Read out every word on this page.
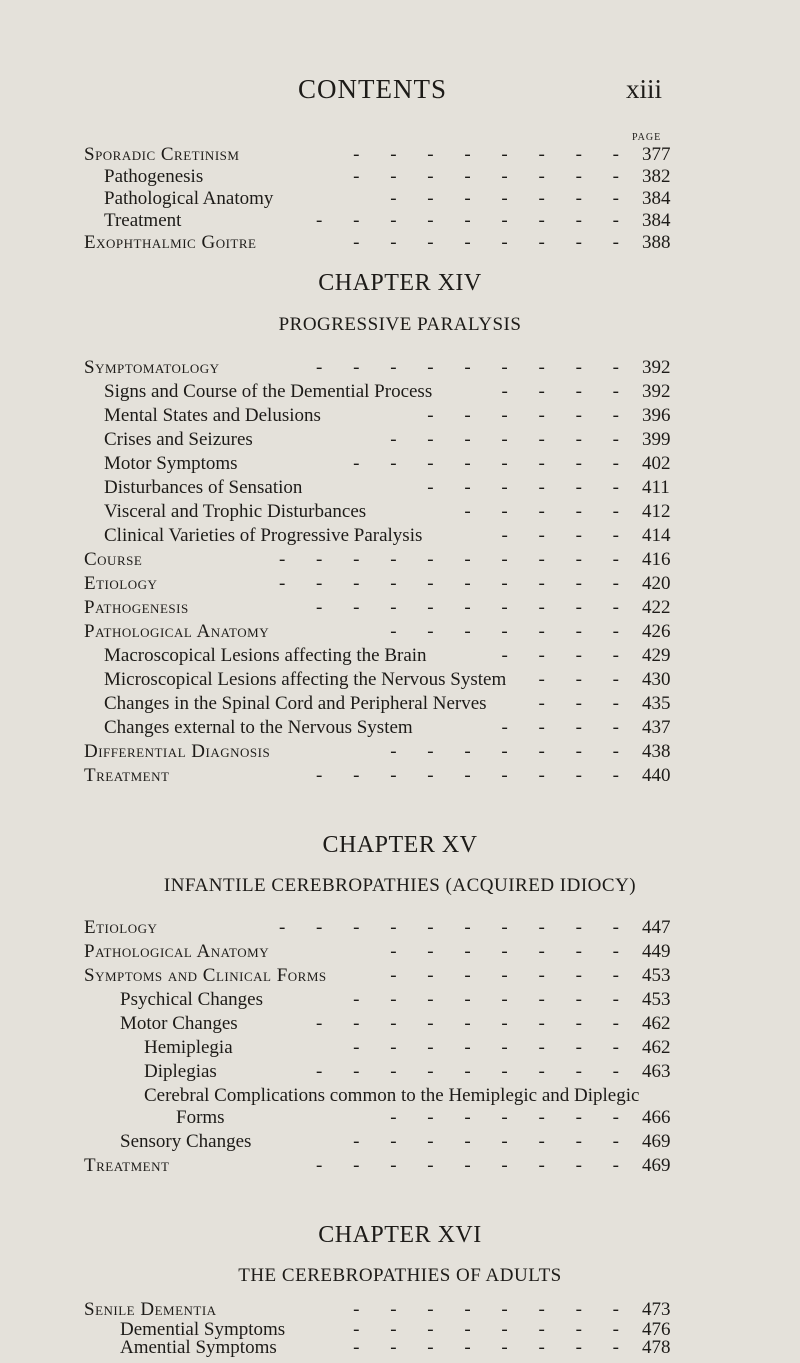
CONTENTS	xiii
PAGE
Sporadic Cretinism	- - - - - - - - 377
Pathogenesis	- - - - - - - - 382
Pathological Anatomy	- - - - - - - 384
Treatment	- - - - - - - - - 384
Exophthalmic Goitre	- - - - - - - - 388
CHAPTER XIV
PROGRESSIVE PARALYSIS
Symptomatology	- - - - - - - - - 392
Signs and Course of the Demential Process	- - - - 392
Mental States and Delusions	- - - - - - 396
Crises and Seizures	- - - - - - - 399
Motor Symptoms	- - - - - - - - 402
Disturbances of Sensation	- - - - - - 411
Visceral and Trophic Disturbances	- - - - - 412
Clinical Varieties of Progressive Paralysis	- - - - 414
Course	- - - - - - - - - - 416
Etiology	- - - - - - - - - - 420
Pathogenesis	- - - - - - - - - 422
Pathological Anatomy	- - - - - - - 426
Macroscopical Lesions affecting the Brain	- - - - 429
Microscopical Lesions affecting the Nervous System - - - 430
Changes in the Spinal Cord and Peripheral Nerves	- - - 435
Changes external to the Nervous System	- - - - 437
Differential Diagnosis	- - - - - - - 438
Treatment	- - - - - - - - - 440
CHAPTER XV
INFANTILE CEREBROPATHIES (ACQUIRED IDIOCY)
Etiology	- - - - - - - - - - 447
Pathological Anatomy	- - - - - - - 449
Symptoms and Clinical Forms	- - - - - - - 453
Psychical Changes	- - - - - - - - 453
Motor Changes	- - - - - - - - - 462
Hemiplegia	- - - - - - - - 462
Diplegias	- - - - - - - - - 463
Cerebral Complications common to the Hemiplegic and Diplegic
Forms	- - - - - - - 466
Sensory Changes	- - - - - - - - 469
Treatment	- - - - - - - - - 469
CHAPTER XVI
THE CEREBROPATHIES OF ADULTS
Senile Dementia	- - - - - - - - 473
Demential Symptoms	- - - - - - - - 476
Amential Symptoms	- - - - - - - - 478
